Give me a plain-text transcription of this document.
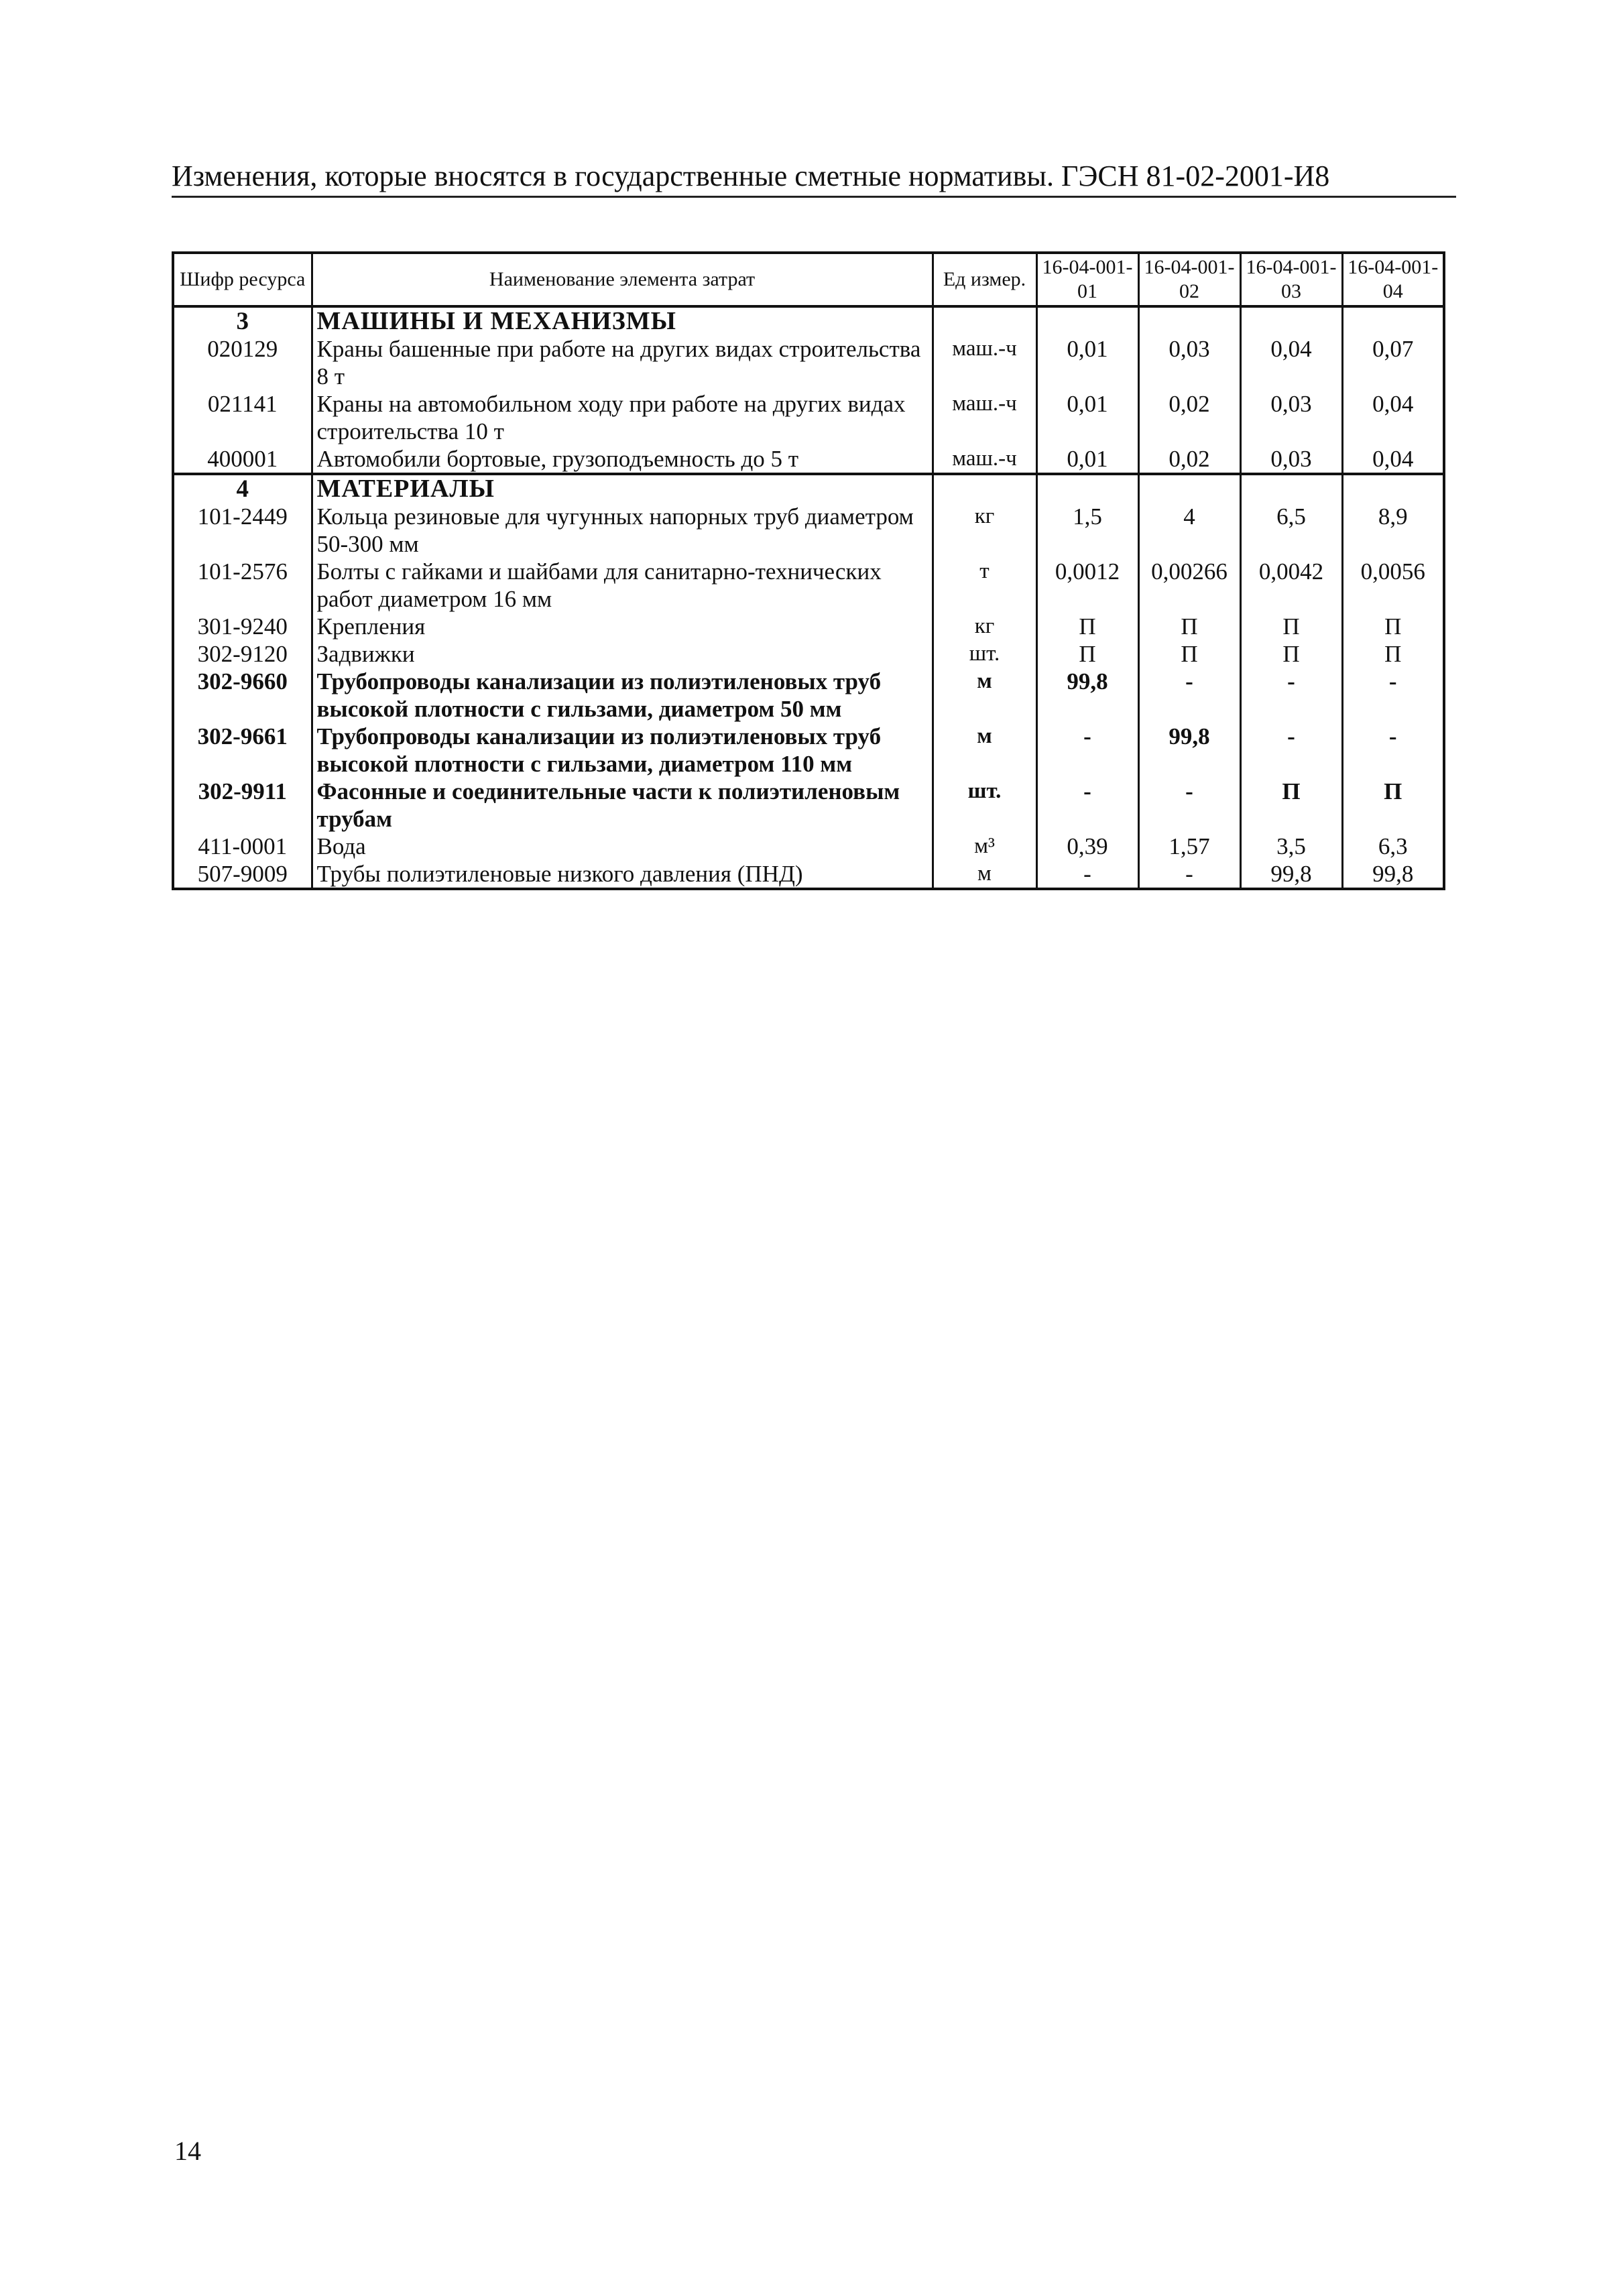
Изменения, которые вносятся в государственные сметные нормативы. ГЭСН 81-02-2001-И8
Шифр ресурса	Наименование элемента затрат	Ед измер.	16-04-001-01	16-04-001-02	16-04-001-03	16-04-001-04
3	МАШИНЫ И МЕХАНИЗМЫ					
020129	Краны башенные при работе на других видах строительства 8 т	маш.-ч	0,01	0,03	0,04	0,07
021141	Краны на автомобильном ходу при работе на других видах строительства 10 т	маш.-ч	0,01	0,02	0,03	0,04
400001	Автомобили бортовые, грузоподъемность до 5 т	маш.-ч	0,01	0,02	0,03	0,04
4	МАТЕРИАЛЫ					
101-2449	Кольца резиновые для чугунных напорных труб диаметром 50-300 мм	кг	1,5	4	6,5	8,9
101-2576	Болты с гайками и шайбами для санитарно-технических работ диаметром 16 мм	т	0,0012	0,00266	0,0042	0,0056
301-9240	Крепления	кг	П	П	П	П
302-9120	Задвижки	шт.	П	П	П	П
302-9660	Трубопроводы канализации из полиэтиленовых труб высокой плотности с гильзами, диаметром 50 мм	м	99,8	-	-	-
302-9661	Трубопроводы канализации из полиэтиленовых труб высокой плотности с гильзами, диаметром 110 мм	м	-	99,8	-	-
302-9911	Фасонные и соединительные части к полиэтиленовым трубам	шт.	-	-	П	П
411-0001	Вода	м³	0,39	1,57	3,5	6,3
507-9009	Трубы полиэтиленовые низкого давления (ПНД)	м	-	-	99,8	99,8
14
